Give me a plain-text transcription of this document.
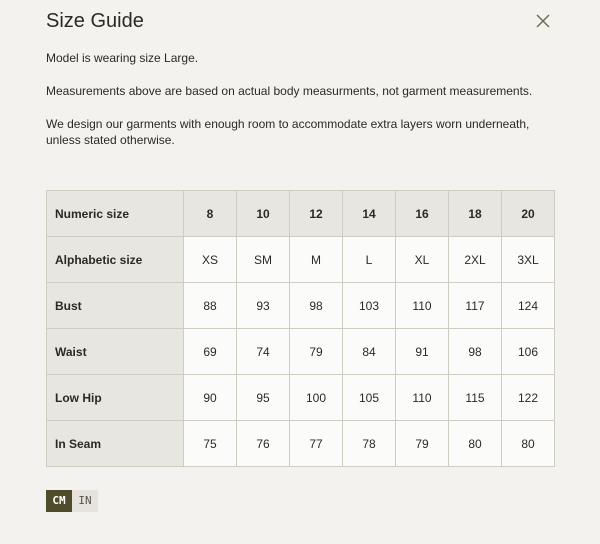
Size Guide

Model is wearing size Large.

Measurements above are based on actual body measurments, not garment measurements.

We design our garments with enough room to accommodate extra layers worn underneath, unless stated otherwise.

Numeric size	8	10	12	14	16	18	20
Alphabetic size	XS	SM	M	L	XL	2XL	3XL
Bust	88	93	98	103	110	117	124
Waist	69	74	79	84	91	98	106
Low Hip	90	95	100	105	110	115	122
In Seam	75	76	77	78	79	80	80
CM	IN
